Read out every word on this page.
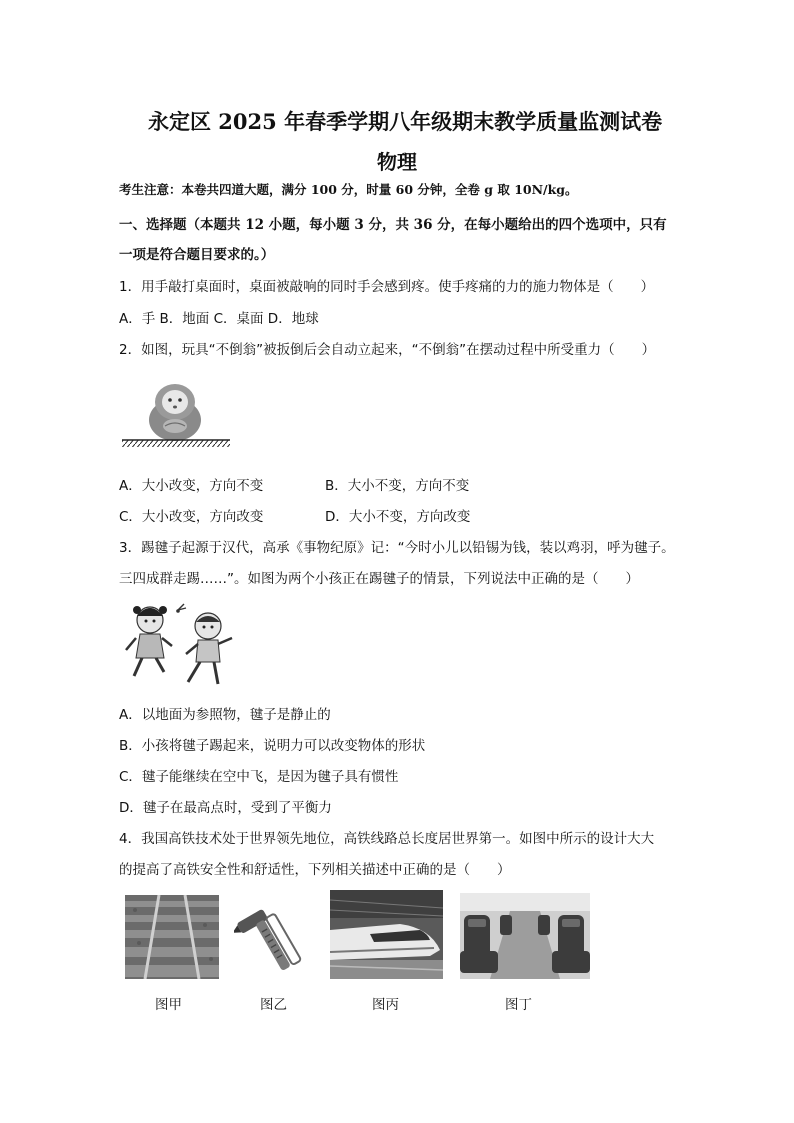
永定区 2025 年春季学期八年级期末教学质量监测试卷
物理
考生注意：本卷共四道大题，满分 100 分，时量 60 分钟，全卷 g 取 10N/kg。
一、选择题（本题共 12 小题，每小题 3 分，共 36 分，在每小题给出的四个选项中，只有
一项是符合题目要求的。）
1．用手敲打桌面时，桌面被敲响的同时手会感到疼。使手疼痛的力的施力物体是（　　）
A．手 B．地面 C．桌面 D．地球
2．如图，玩具“不倒翁”被扳倒后会自动立起来，“不倒翁”在摆动过程中所受重力（　　）
A．大小改变，方向不变	B．大小不变，方向不变
C．大小改变，方向改变	D．大小不变，方向改变
3．踢毽子起源于汉代，高承《事物纪原》记：“今时小儿以铅锡为钱，装以鸡羽，呼为毽子。
三四成群走踢……”。如图为两个小孩正在踢毽子的情景，下列说法中正确的是（　　）
A．以地面为参照物，毽子是静止的
B．小孩将毽子踢起来，说明力可以改变物体的形状
C．毽子能继续在空中飞，是因为毽子具有惯性
D．毽子在最高点时，受到了平衡力
4．我国高铁技术处于世界领先地位，高铁线路总长度居世界第一。如图中所示的设计大大
的提高了高铁安全性和舒适性，下列相关描述中正确的是（　　）
图甲	图乙	图丙	图丁
